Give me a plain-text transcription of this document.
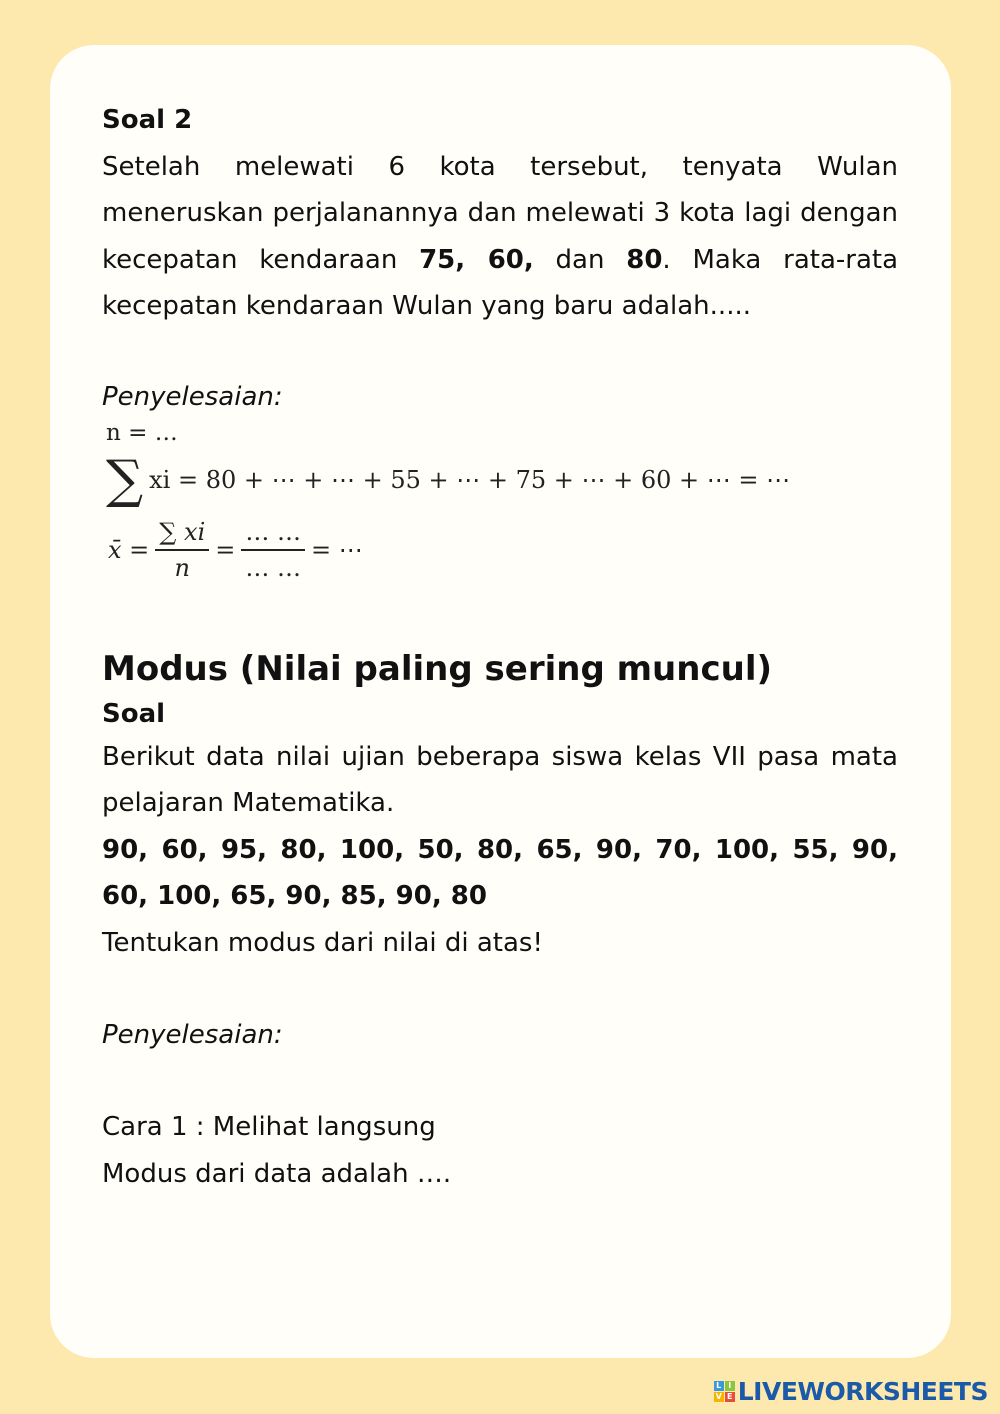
Soal 2

Setelah melewati 6 kota tersebut, tenyata Wulan meneruskan perjalanannya dan melewati 3 kota lagi dengan kecepatan kendaraan 75, 60, dan 80. Maka rata-rata kecepatan kendaraan Wulan yang baru adalah.....

Penyelesaian:
n = …
∑ xi = 80 + ⋯ + ⋯ + 55 + ⋯ + 75 + ⋯ + 60 + ⋯ = ⋯
x̄ = $\frac{\sum xi}{n} = \frac{\dots \dots}{\dots \dots}$ = ⋯
Modus (Nilai paling sering muncul)

Soal

Berikut data nilai ujian beberapa siswa kelas VII pasa mata pelajaran Matematika.

90, 60, 95, 80, 100, 50, 80, 65, 90, 70, 100, 55, 90, 60, 100, 65, 90, 85, 90, 80

Tentukan modus dari nilai di atas!

Penyelesaian:

Cara 1 : Melihat langsung

Modus dari data adalah ….

L I
V E LIVEWORKSHEETS
